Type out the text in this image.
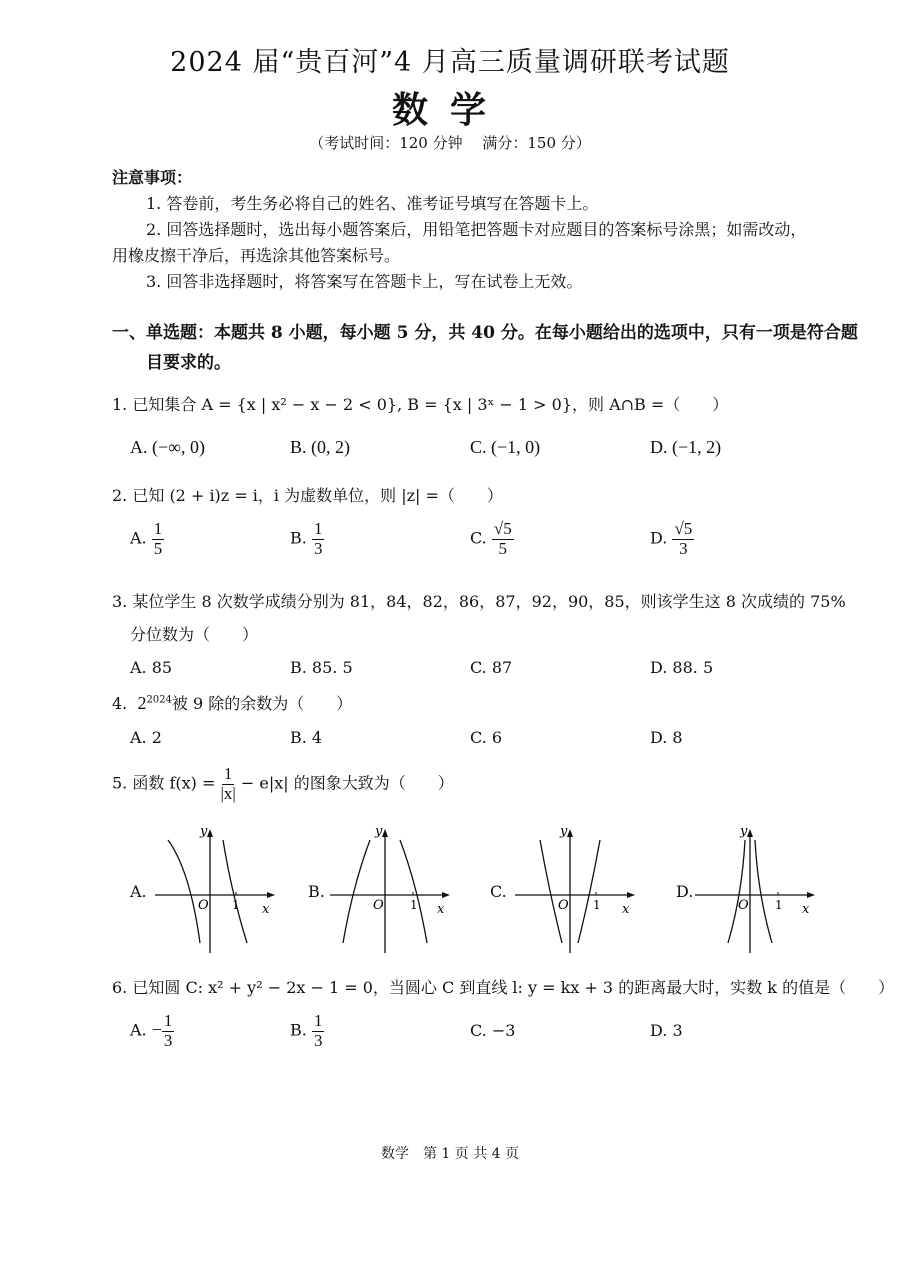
2024 届“贵百河”4 月高三质量调研联考试题
数学
（考试时间：120 分钟　 满分：150 分）
注意事项：
1. 答卷前，考生务必将自己的姓名、准考证号填写在答题卡上。
2. 回答选择题时，选出每小题答案后，用铅笔把答题卡对应题目的答案标号涂黑；如需改动，
用橡皮擦干净后，再选涂其他答案标号。
3. 回答非选择题时，将答案写在答题卡上，写在试卷上无效。
一、单选题：本题共 8 小题，每小题 5 分，共 40 分。在每小题给出的选项中，只有一项是符合题
目要求的。
1. 已知集合 A = {x | x² − x − 2 < 0}, B = {x | 3ˣ − 1 > 0}，则 A∩B =（　　）
A. (−∞, 0)	B. (0, 2)	C. (−1, 0)	D. (−1, 2)
2. 已知 (2 + i)z = i，i 为虚数单位，则 |z| =（　　）
A. $\frac{1}{5}$	B. $\frac{1}{3}$	C. $\frac{√5}{5}$	D. $\frac{√5}{3}$
3. 某位学生 8 次数学成绩分别为 81，84，82，86，87，92，90，85，则该学生这 8 次成绩的 75%
分位数为（　　）
A. 85	B. 85. 5	C. 87	D. 88. 5
4. $2^{2024}$被 9 除的余数为（　　）
A. 2	B. 4	C. 6	D. 8
5. 函数 $f(x) = \frac{1}{|x|} - e|x|$ 的图象大致为（　　）
A.
y
x
O 1
B.
y
x
O 1
C.
y
x
O 1
D.
y
x
O 1
6. 已知圆 C: x² + y² − 2x − 1 = 0，当圆心 C 到直线 l: y = kx + 3 的距离最大时，实数 k 的值是（　　）
A. − $\frac{1}{3}$	B. $\frac{1}{3}$	C. −3	D. 3
数学　第 1 页 共 4 页
